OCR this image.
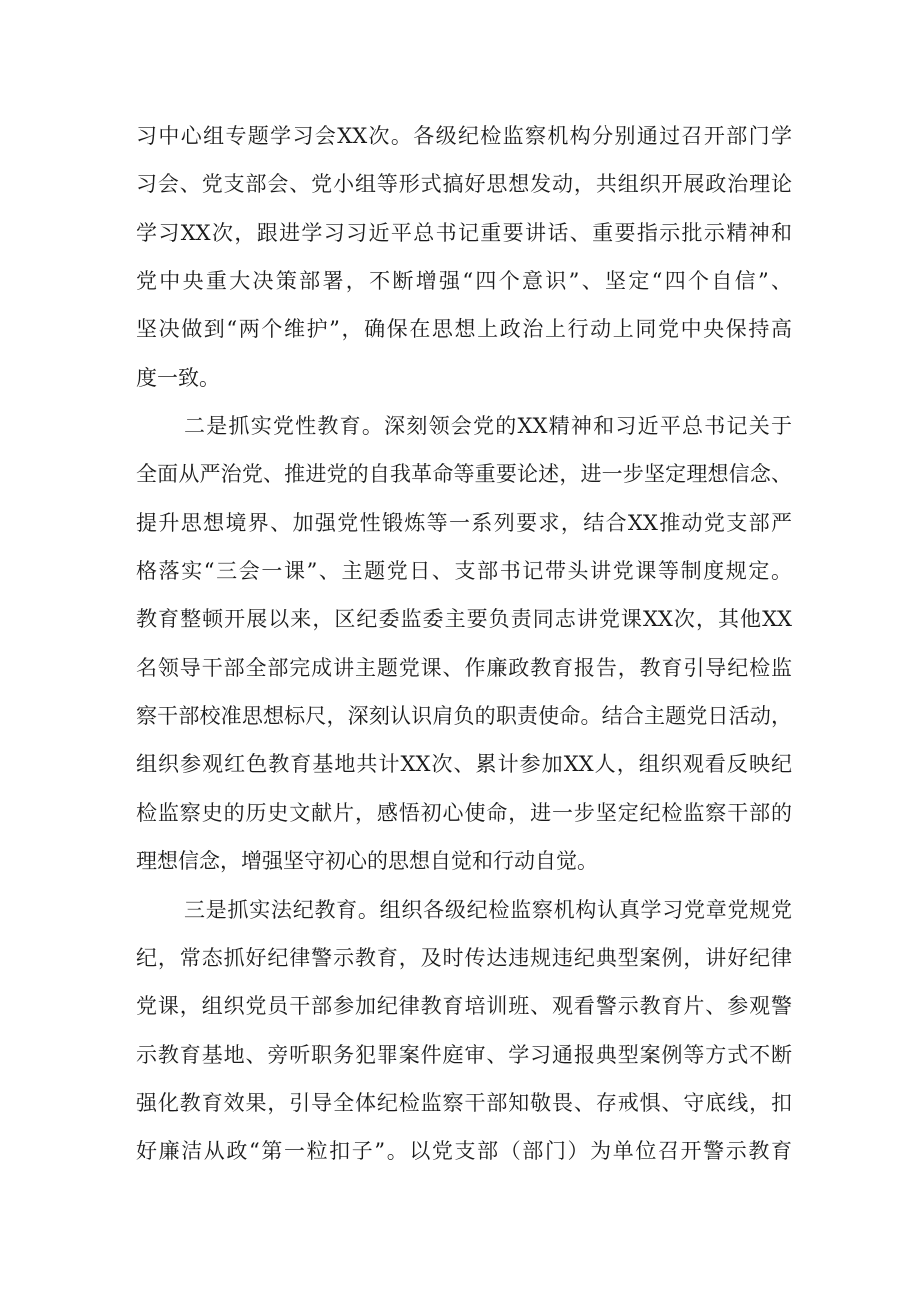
习中心组专题学习会XX次。各级纪检监察机构分别通过召开部门学
习会、党支部会、党小组等形式搞好思想发动，共组织开展政治理论
学习XX次，跟进学习习近平总书记重要讲话、重要指示批示精神和
党中央重大决策部署，不断增强“四个意识”、坚定“四个自信”、
坚决做到“两个维护”，确保在思想上政治上行动上同党中央保持高
度一致。
二是抓实党性教育。深刻领会党的XX精神和习近平总书记关于
全面从严治党、推进党的自我革命等重要论述，进一步坚定理想信念、
提升思想境界、加强党性锻炼等一系列要求，结合XX推动党支部严
格落实“三会一课”、主题党日、支部书记带头讲党课等制度规定。
教育整顿开展以来，区纪委监委主要负责同志讲党课XX次，其他XX
名领导干部全部完成讲主题党课、作廉政教育报告，教育引导纪检监
察干部校准思想标尺，深刻认识肩负的职责使命。结合主题党日活动，
组织参观红色教育基地共计XX次、累计参加XX人，组织观看反映纪
检监察史的历史文献片，感悟初心使命，进一步坚定纪检监察干部的
理想信念，增强坚守初心的思想自觉和行动自觉。
三是抓实法纪教育。组织各级纪检监察机构认真学习党章党规党
纪，常态抓好纪律警示教育，及时传达违规违纪典型案例，讲好纪律
党课，组织党员干部参加纪律教育培训班、观看警示教育片、参观警
示教育基地、旁听职务犯罪案件庭审、学习通报典型案例等方式不断
强化教育效果，引导全体纪检监察干部知敬畏、存戒惧、守底线，扣
好廉洁从政“第一粒扣子”。以党支部（部门）为单位召开警示教育
